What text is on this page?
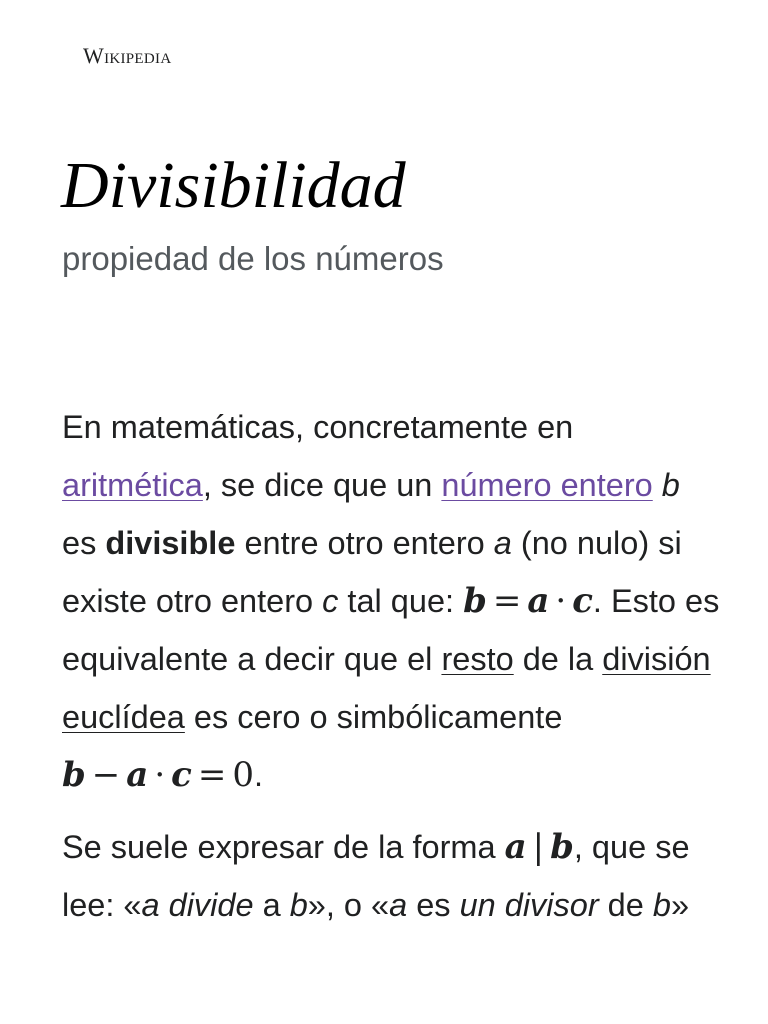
Wikipedia
Divisibilidad
propiedad de los números

En matemáticas, concretamente en aritmética, se dice que un número entero b es divisible entre otro entero a (no nulo) si existe otro entero c tal que: b = a · c. Esto es equivalente a decir que el resto de la división euclídea es cero o simbólicamente b − a · c = 0.

Se suele expresar de la forma a | b, que se lee: «a divide a b», o «a es un divisor de b»
